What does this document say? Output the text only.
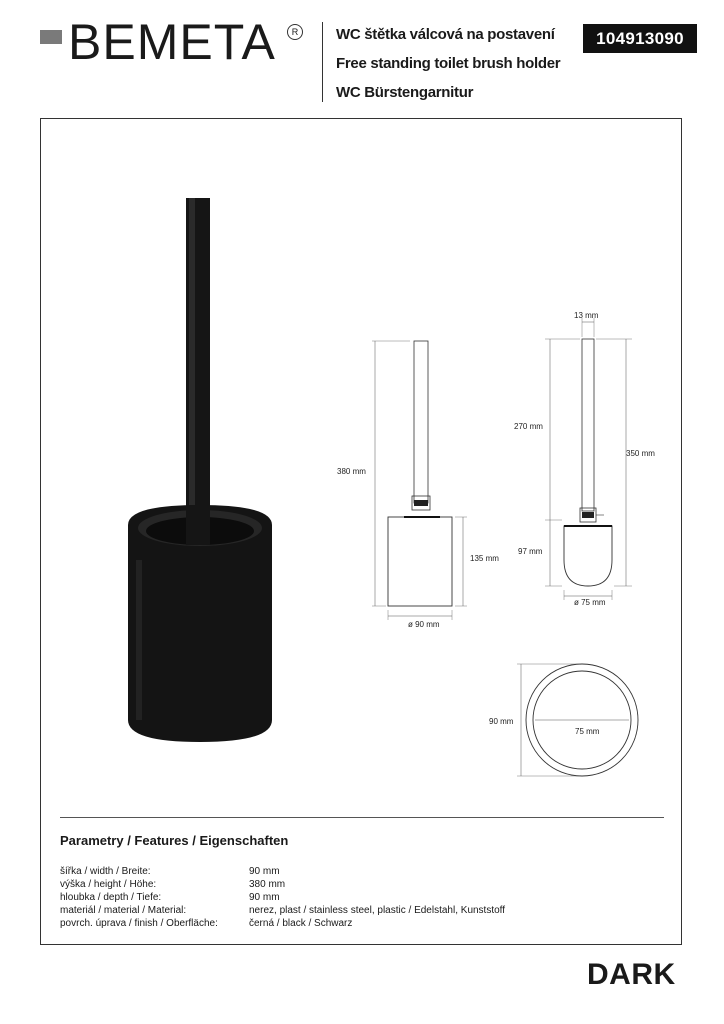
BEMETA	R	WC štětka válcová na postavení
Free standing toilet brush holder
WC Bürstengarnitur
104913090
380 mm
135 mm
ø 90 mm
13 mm
270 mm
350 mm
97 mm
ø 75 mm
90 mm
75 mm
Parametry / Features / Eigenschaften
šířka / width / Breite:	90 mm
výška / height / Höhe:	380 mm
hloubka / depth / Tiefe:	90 mm
materiál / material / Material:	nerez, plast / stainless steel, plastic / Edelstahl, Kunststoff
povrch. úprava / finish / Oberfläche:	černá / black / Schwarz
DARK
